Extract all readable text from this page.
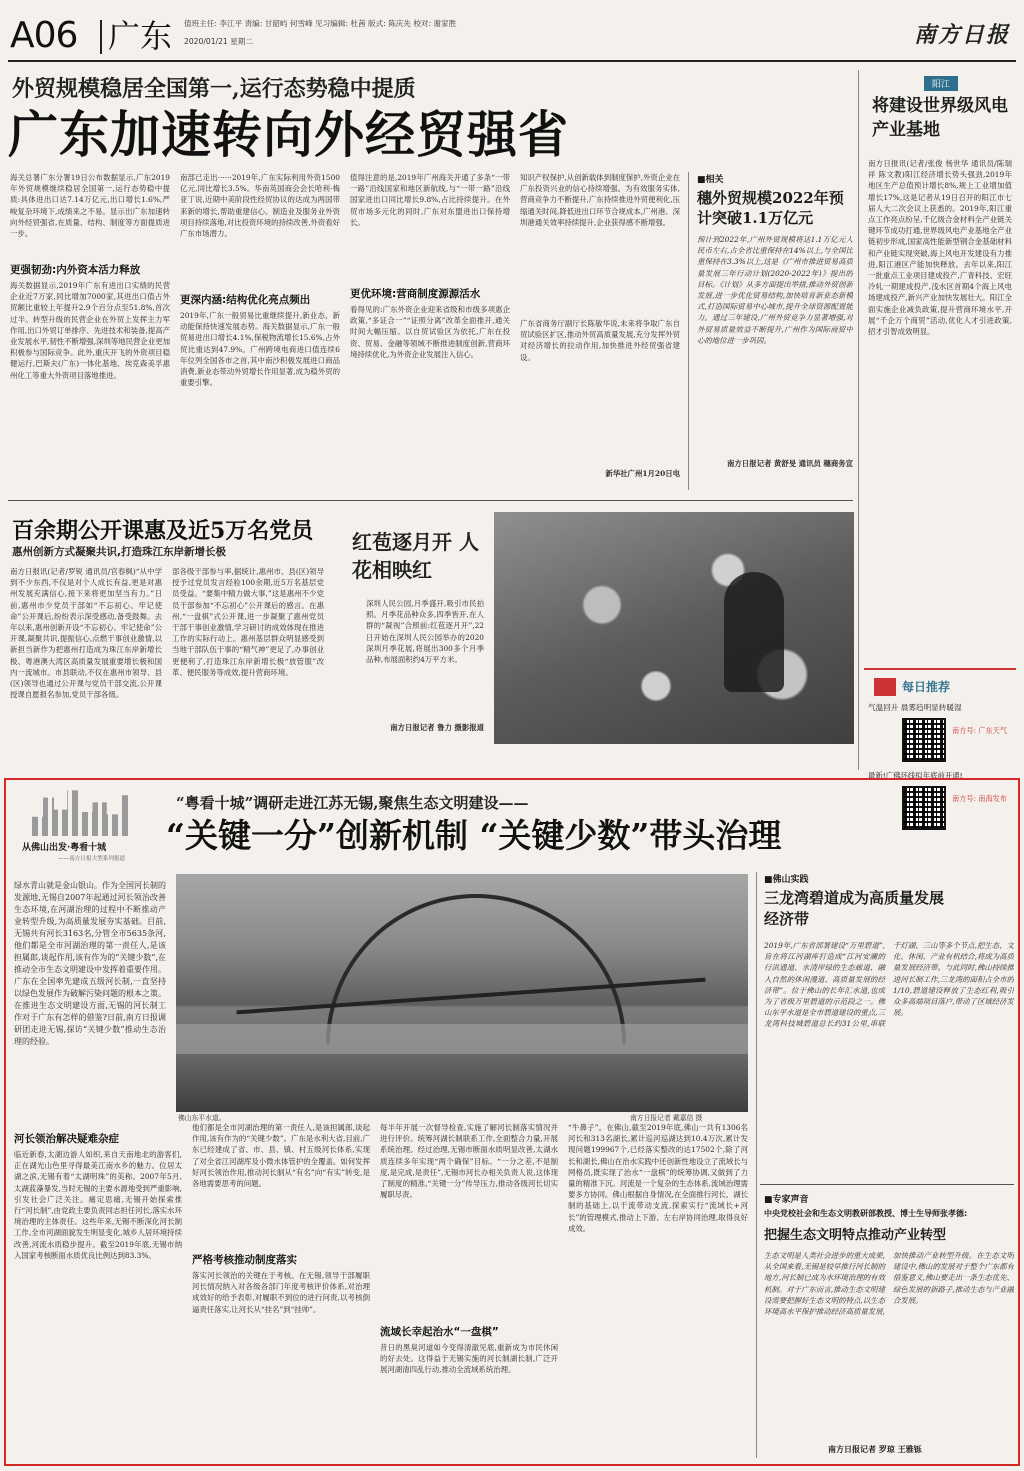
A06 广东 值班主任: 李江平 责编: 甘韶屿 何雪峰 见习编辑: 杜茜 版式: 陈庆先 校对: 谢家胜
2020/01/21 星期二	南方日报
外贸规模稳居全国第一,运行态势稳中提质
广东加速转向外经贸强省

海关总署广东分署19日公布数据显示,广东2019年外贸规模继续稳居全国第一,运行态势稳中提质:具体进出口达7.14万亿元,出口增长1.6%,严峻复杂环境下,成绩来之不易。显示出广东加速转向外经贸强省,在质量、结构、制度等方面提质进一步。

更强韧劲:内外资本活力释放

海关数据显示,2019年广东有进出口实绩的民营企业近7万家,同比增加7000家,其进出口值占外贸额比重较上年提升2.9个百分点至51.8%,首次过半。转型升级的民营企业在外贸上发挥主力军作用,出口外贸订单排序、先进技术和装备,提高产业发展水平,韧性不断增强,深圳等地民营企业更加积极参与国际竞争。此外,重庆开飞的外资项目稳健运行,巴斯夫(广东)一体化基地、埃克森美孚惠州化工等重大外资项目落地推进。

南部已走出······2019年,广东实际利用外资1500亿元,同比增长3.5%。华南英国商会会长哈利·梅亚丁说,近期中美阶段性经贸协议的达成为两国带来新的增长,帮助重建信心。制造业及服务业外资项目持续落地,对比投资环境的持续改善,外资看好广东市场潜力。

更深内涵:结构优化亮点频出

2019年,广东一般贸易比重继续提升,新业态、新动能保持快速发展态势。海关数据显示,广东一般贸易进出口增长4.1%,保税物流增长15.6%,占外贸比重达到47.9%。广州跨境电商进口值连续6年位列全国各市之首,其中南沙积极发展进口商品消费,新业态带动外贸增长作用显著,成为稳外贸的重要引擎。

值得注意的是,2019年广州海关开通了多条“一带一路”沿线国家和地区新航线,与“一带一路”沿线国家进出口同比增长9.8%,占比持续提升。在外贸市场多元化的同时,广东对东盟进出口保持增长。

更优环境:营商制度源源活水

看得见的:广东外资企业迎来省级和市级多项惠企政策,“多证合一”“证照分离”改革全面推开,通关时间大幅压缩。以自贸试验区为依托,广东在投资、贸易、金融等领域不断推进制度创新,营商环境持续优化,为外资企业发展注入信心。

知识产权保护,从创新载体到制度保护,外资企业在广东投资兴业的信心持续增强。为有效服务实体,营商竞争力不断提升,广东持续推进外贸便利化,压缩通关时间,降低进出口环节合规成本,广州港、深圳港通关效率持续提升,企业获得感不断增强。

广东省商务厅副厅长陈敏华说,未来将争取广东自贸试验区扩区,推动外贸高质量发展,充分发挥外贸对经济增长的拉动作用,加快推进外经贸强省建设。

新华社广州1月20日电

■相关
穗外贸规模2022年预计突破1.1万亿元

预计到2022年,广州外贸规模将达1.1万亿元人民币左右,占全省比重保持在14%以上,与全国比重保持在3.3%以上,这是《广州市推进贸易高质量发展三年行动计划(2020-2022年)》提出的目标。《计划》从多方面提出举措,推动外贸创新发展,进一步优化贸易结构,加快培育新业态新模式,打造国际贸易中心城市,提升全球资源配置能力。通过三年建设,广州外贸竞争力显著增强,对外贸易质量效益不断提升,广州作为国际商贸中心的地位进一步巩固。

南方日报记者 黄舒旻 通讯员 穗商务宣

阳江
将建设世界级风电产业基地

南方日报讯(记者/张俊 杨世华 通讯员/陈瑞祥 陈文教)阳江经济增长势头强劲,2019年地区生产总值预计增长8%,规上工业增加值增长17%,这是记者从19日召开的阳江市七届人大二次会议上获悉的。2019年,阳江重点工作亮点纷呈,千亿级合金材料全产业链关键环节成功打通,世界级风电产业基地全产业链初步形成,国家高性能新型钢合金基础材料和产业链实现突破,海上风电开发建设有力推进,阳江港区产能加快释放。去年以来,阳江一批重点工业项目建成投产,广青科技、宏旺冷轧一期建成投产,浅水区首期4个海上风电场建成投产,新兴产业加快发展壮大。阳江全面实施企业减负政策,提升营商环境水平,开展“千企万个商贸”活动,优化人才引进政策,招才引智成效明显。

每日推荐
气温回升 晨雾趋明显转暖湿
南方号: 广东天气
最新!广佛环线拟年底前开通!
南方号: 南海发布
百余期公开课惠及近5万名党员
惠州创新方式凝聚共识,打造珠江东岸新增长极

南方日报讯(记者/罗锐 通讯员/官春枫)“从中学到不少东西,不仅是对个人成长有益,更是对惠州发展充满信心,接下来将更加坚当有力。”日前,惠州市少党员干部如“不忘初心、牢记使命”公开课后,纷纷表示深受感动,备受鼓舞。去年以来,惠州创新开设“不忘初心、牢记使命”公开课,凝聚共识,提振信心,点燃干事创业激情,以新担当新作为把惠州打造成为珠江东岸新增长极、粤港澳大湾区高质量发展重要增长极和国内一流城市。市县联动,不仅在惠州市领导、县(区)领导也通过公开课与党员干部交流,公开课授课自愿报名参加,党员干部各级。

部各级干部参与率,据统计,惠州市、县(区)领导授予过党员发言经验100余期,近5万名基层党员受益。“要集中精力做大事,”这是惠州不少党员干部参加“不忘初心”公开课后的感言。在惠州,“一盘棋”式公开课,进一步凝聚了惠州党员干部干事创业激情,学习研讨的成效体现在推进工作的实际行动上。惠州基层群众明显感受到当地干部队伍干事的“精气神”更足了,办事创业更便利了,打造珠江东岸新增长极“放管服”改革、便民服务等成效,提升营商环境。

红苞逐月开 人花相映红

深圳人民公园,月季盛开,吸引市民拍照。月季花品种众多,四季皆开,在人群的“凝视”合照前:红苞逐月开”,22日开始在深圳人民公园举办的2020深圳月季花展,将展出300多个月季品种,布展面积约4万平方米。

南方日报记者 鲁力 摄影报道

从佛山出发·粤看十城
——南方日报大型系列报道
“粤看十城”调研走进江苏无锡,聚焦生态文明建设——
“关键一分”创新机制 “关键少数”带头治理

绿水青山就是金山银山。作为全国河长制的发源地,无锡自2007年起通过河长领治改善生态环境,在河湖治理的过程中不断推动产业转型升级,为高质量发展夯实基础。目前,无锡共有河长3163名,分管全市5635条河,他们都是全市河湖治理的第一责任人,是该担属郎,谈起作用,该有作为的“关键少数”,在推动全市生态文明建设中发挥着重要作用。广东在全国率先建成五级河长制,一直坚持以绿色发展作为破解污染问题的根本之策。在推进生态文明建设方面,无锡的河长制工作对于广东有怎样的借鉴?日前,南方日报调研团走进无锡,探访“关键少数”推动生态治理的经验。

佛山东平水道。	南方日报记者 戴嘉信 摄

河长领治解决疑难杂症

临近新春,太湖边游人如织,来自天南地北的游客们,正在湖光山色里寻得最美江南水乡的魅力。位居太湖之滨,无锡有着“太湖明珠”的美称。2007年5月,太湖蓝藻暴发,当时无锡的主要水源地受到严重影响,引发社会广泛关注。痛定思痛,无锡开始探索推行“河长制”,由党政主要负责同志担任河长,落实水环境治理的主体责任。这些年来,无锡不断深化河长制工作,全市河湖面貌发生明显变化,城乡人居环境持续改善,河流水质稳步提升。截至2019年底,无锡市纳入国家考核断面水质优良比例达到83.3%。

他们都是全市河湖治理的第一责任人,是该担属郎,谈起作用,该有作为的“关键少数”。广东是水利大省,目前,广东已经建成了省、市、县、镇、村五级河长体系,实现了对全省江河湖库及小微水体管护的全覆盖。如何发挥好河长领治作用,推动河长制从“有名”向“有实”转变,是各地需要思考的问题。

严格考核推动制度落实

落实河长领治的关键在于考核。在无锡,领导干部履职河长情况纳入对各级各部门年度考核评价体系,对治理成效好的给予表彰,对履职不到位的进行问责,以考核倒逼责任落实,让河长从“挂名”到“挂帅”。

每半年开展一次督导检查,实施了解河长制落实情况并进行评价。统筹河湖长制联系工作,全面整合力量,开展系统治理。经过治理,无锡市断面水质明显改善,太湖水质连续多年实现“两个确保”目标。“一分之差,不是制度,是完成,是责任”,无锡市河长办相关负责人说,这体现了制度的精准,“关键一分”传导压力,推动各级河长切实履职尽责。

流域长幸起治水“一盘棋”

昔日的黑臭河道如今变得清澈见底,重新成为市民休闲的好去处。这得益于无锡实施的河长制湖长制,广泛开展河湖清四乱行动,推动全流域系统治理。

“牛鼻子”。在佛山,截至2019年底,佛山一共有1306名河长和313名湖长,累计巡河巡湖达到10.4万次,累计发现问题199967个,已经落实整改的达17502个,除了河长和湖长,佛山在治水实践中还创新性地设立了流域长与网格员,既实现了治水“一盘棋”的统筹协调,又做到了力量的精准下沉。河流是一个复杂的生态体系,流域治理需要多方协同。佛山根据自身情况,在全面推行河长、湖长制的基础上,以干流带动支流,探索实行“流域长+河长”的管理模式,推动上下游、左右岸协同治理,取得良好成效。

■佛山实践
三龙湾碧道成为高质量发展经济带

2019年,广东省部署建设“万里碧道”,旨在将江河湖库打造成“江河安澜的行洪通道、水清岸绿的生态廊道、融入自然的休闲漫道、高质量发展的经济带”。位于佛山的长年汇水道,也成为了省级万里碧道的示范段之一。佛山东平水道是全市碧道建设的重点,三龙湾科技城碧道总长约31公里,串联千灯湖、三山等多个节点,把生态、文化、休闲、产业有机结合,将成为高质量发展经济带。与此同时,佛山持续推进河长制工作,三龙湾的面积占全市的1/10,碧道建设释放了生态红利,吸引众多高端项目落户,带动了区域经济发展。

■专家声音
中央党校社会和生态文明教研部教授、博士生导师张孝德:
把握生态文明特点推动产业转型

生态文明是人类社会进步的重大成果,从全国来看,无锡是较早推行河长制的地方,河长制已成为水环境治理的有效机制。对于广东而言,推动生态文明建设需要把握好生态文明的特点,以生态环境高水平保护推动经济高质量发展,加快推动产业转型升级。在生态文明建设中,佛山的发展对于整个广东都有借鉴意义,佛山要走出一条生态优先、绿色发展的新路子,推动生态与产业融合发展。

南方日报记者 罗琼 王雅铄
